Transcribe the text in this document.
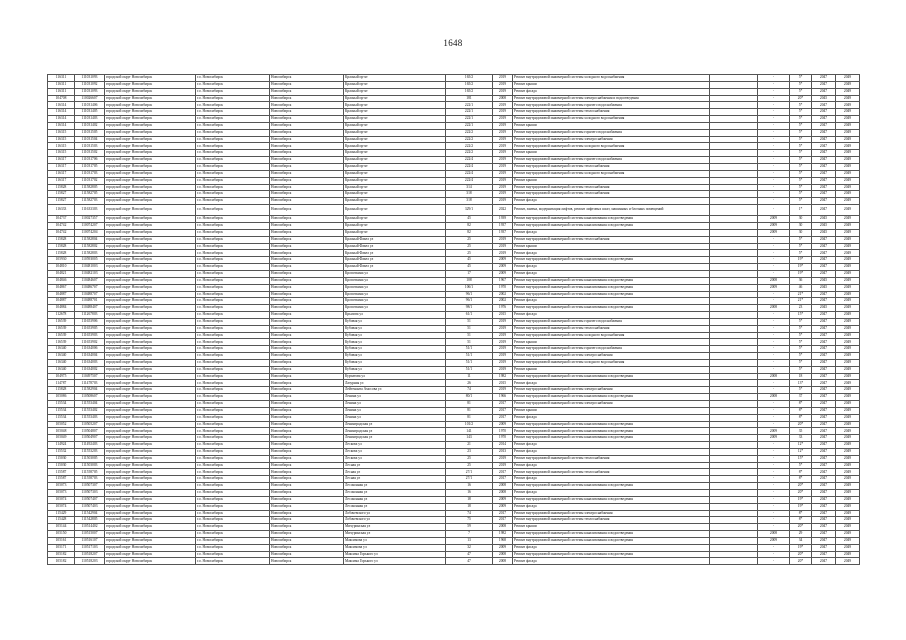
1648
116311	111031093	городской округ Новосибирск	г.о. Новосибирск	Новосибирск	Красный пр-кт	165/2	2019	Ремонт внутридомовой инженерной системы холодного водоснабжения		-	5*	2047	2049
116311	111031092	городской округ Новосибирск	г.о. Новосибирск	Новосибирск	Красный пр-кт	165/2	2019	Ремонт крыши		-	5*	2047	2049
116311	111031093	городской округ Новосибирск	г.о. Новосибирск	Новосибирск	Красный пр-кт	165/2	2019	Ремонт фасада		-	5*	2047	2049
104708	110026607	городской округ Новосибирск	г.о. Новосибирск	Новосибирск	Красный пр-кт	181	2008	Ремонт внутридомовой инженерной системы электроснабжения и водоотведения		-	20*	2045	2049
116314	111031406	городской округ Новосибирск	г.о. Новосибирск	Новосибирск	Красный пр-кт	222/1	2019	Ремонт внутридомовой инженерной системы горячего водоснабжения		-	5*	2047	2049
116314	111031405	городской округ Новосибирск	г.о. Новосибирск	Новосибирск	Красный пр-кт	222/1	2019	Ремонт внутридомовой инженерной системы теплоснабжения		-	5*	2047	2049
116314	111031403	городской округ Новосибирск	г.о. Новосибирск	Новосибирск	Красный пр-кт	222/1	2019	Ремонт внутридомовой инженерной системы холодного водоснабжения		-	5*	2047	2049
116314	111031402	городской округ Новосибирск	г.о. Новосибирск	Новосибирск	Красный пр-кт	222/1	2019	Ремонт крыши		-	5*	2047	2049
116315	111031505	городской округ Новосибирск	г.о. Новосибирск	Новосибирск	Красный пр-кт	222/2	2019	Ремонт внутридомовой инженерной системы горячего водоснабжения		-	5*	2047	2049
116315	111031504	городской округ Новосибирск	г.о. Новосибирск	Новосибирск	Красный пр-кт	222/2	2019	Ремонт внутридомовой инженерной системы электроснабжения		-	5*	2047	2049
116315	111031503	городской округ Новосибирск	г.о. Новосибирск	Новосибирск	Красный пр-кт	222/2	2019	Ремонт внутридомовой инженерной системы холодного водоснабжения		-	5*	2047	2049
116315	111031502	городской округ Новосибирск	г.о. Новосибирск	Новосибирск	Красный пр-кт	222/2	2019	Ремонт крыши		-	5*	2047	2049
116317	111031706	городской округ Новосибирск	г.о. Новосибирск	Новосибирск	Красный пр-кт	222/4	2019	Ремонт внутридомовой инженерной системы горячего водоснабжения		-	5*	2047	2049
116317	111031705	городской округ Новосибирск	г.о. Новосибирск	Новосибирск	Красный пр-кт	222/4	2019	Ремонт внутридомовой инженерной системы теплоснабжения		-	5*	2047	2049
116317	111031703	городской округ Новосибирск	г.о. Новосибирск	Новосибирск	Красный пр-кт	222/4	2019	Ремонт внутридомовой инженерной системы холодного водоснабжения		-	5*	2047	2049
116317	111031702	городской округ Новосибирск	г.о. Новосибирск	Новосибирск	Красный пр-кт	222/4	2019	Ремонт крыши		-	5*	2047	2049
115828	111582805	городской округ Новосибирск	г.о. Новосибирск	Новосибирск	Красный пр-кт	314	2019	Ремонт внутридомовой инженерной системы теплоснабжения		-	5*	2047	2049
115827	111582705	городской округ Новосибирск	г.о. Новосибирск	Новосибирск	Красный пр-кт	318	2019	Ремонт внутридомовой инженерной системы теплоснабжения		-	5*	2047	2049
115827	111582703	городской округ Новосибирск	г.о. Новосибирск	Новосибирск	Красный пр-кт	318	2019	Ремонт фасада		-	5*	2047	2049
116333	111633303	городской округ Новосибирск	г.о. Новосибирск	Новосибирск	Красный пр-кт	329/1	2022	Ремонт, замена, модернизация лифтов, ремонт лифтовых шахт, машинных и блочных помещений		-	1*	2047	2049
104737	110027357	городской округ Новосибирск	г.о. Новосибирск	Новосибирск	Красный пр-кт	45	1939	Ремонт внутридомовой инженерной системы канализования и водоотведения		2009	30	2045	2049
104742	110074207	городской округ Новосибирск	г.о. Новосибирск	Новосибирск	Красный пр-кт	82	1937	Ремонт внутридомовой инженерной системы канализования и водоотведения		2009	30	2045	2049
104742	110074204	городской округ Новосибирск	г.о. Новосибирск	Новосибирск	Красный пр-кт	82	1937	Ремонт фасада		2009	30	2045	2049
115828	111582804	городской округ Новосибирск	г.о. Новосибирск	Новосибирск	Красный Факел ул	25	2019	Ремонт внутридомовой инженерной системы теплоснабжения		-	5*	2047	2049
115828	111582802	городской округ Новосибирск	г.о. Новосибирск	Новосибирск	Красный Факел ул	25	2019	Ремонт крыши		-	5*	2047	2049
115828	111582803	городской округ Новосибирск	г.о. Новосибирск	Новосибирск	Красный Факел ул	25	2019	Ремонт фасада		-	5*	2047	2049
105930	110593005	городской округ Новосибирск	г.о. Новосибирск	Новосибирск	Красный Факел ул	45	2009	Ремонт внутридомовой инженерной системы канализования и водоотведения		-	19*	2047	2049
104810	110481003	городской округ Новосибирск	г.о. Новосибирск	Новосибирск	Красный Факел ул	45	2009	Ремонт фасада		-	19*	2047	2049
104821	110482103	городской округ Новосибирск	г.о. Новосибирск	Новосибирск	Кропоткина ул	17	2009	Ремонт фасада		-	19*	2047	2049
104846	110484607	городской округ Новосибирск	г.о. Новосибирск	Новосибирск	Кропоткина ул	108	1967	Ремонт внутридомовой инженерной системы канализования и водоотведения		2008	36	2045	2049
104867	110486707	городской округ Новосибирск	г.о. Новосибирск	Новосибирск	Кропоткина ул	106/1	1970	Ремонт внутридомовой инженерной системы канализования и водоотведения		2009	46	2045	2049
104887	110488707	городской округ Новосибирск	г.о. Новосибирск	Новосибирск	Кропоткина ул	96/1	2002	Ремонт внутридомовой инженерной системы канализования и водоотведения		-	21*	2047	2049
104887	110488701	городской округ Новосибирск	г.о. Новосибирск	Новосибирск	Кропоткина ул	96/1	2002	Ремонт фасада		-	21*	2047	2049
104884	110488407	городской округ Новосибирск	г.о. Новосибирск	Новосибирск	Кропоткина ул	98/1	1976	Ремонт внутридомовой инженерной системы канализования и водоотведения		2008	23	2045	2049
112678	111267803	городской округ Новосибирск	г.о. Новосибирск	Новосибирск	Крылова ул	61/1	2015	Ремонт фасада		-	15*	2047	2049
116539	111653906	городской округ Новосибирск	г.о. Новосибирск	Новосибирск	Кубовая ул	51	2019	Ремонт внутридомовой инженерной системы горячего водоснабжения		-	5*	2047	2049
116539	111653905	городской округ Новосибирск	г.о. Новосибирск	Новосибирск	Кубовая ул	51	2019	Ремонт внутридомовой инженерной системы теплоснабжения		-	5*	2047	2049
116539	111653903	городской округ Новосибирск	г.о. Новосибирск	Новосибирск	Кубовая ул	51	2019	Ремонт внутридомовой инженерной системы холодного водоснабжения		-	5*	2047	2049
116539	111653902	городской округ Новосибирск	г.о. Новосибирск	Новосибирск	Кубовая ул	51	2019	Ремонт крыши		-	5*	2047	2049
116340	111634006	городской округ Новосибирск	г.о. Новосибирск	Новосибирск	Кубовая ул	51/1	2019	Ремонт внутридомовой инженерной системы горячего водоснабжения		-	5*	2047	2049
116340	111634004	городской округ Новосибирск	г.о. Новосибирск	Новосибирск	Кубовая ул	51/1	2019	Ремонт внутридомовой инженерной системы электроснабжения		-	5*	2047	2049
116340	111634003	городской округ Новосибирск	г.о. Новосибирск	Новосибирск	Кубовая ул	51/1	2019	Ремонт внутридомовой инженерной системы холодного водоснабжения		-	5*	2047	2049
116340	111634002	городской округ Новосибирск	г.о. Новосибирск	Новосибирск	Кубовая ул	51/1	2019	Ремонт крыши		-	5*	2047	2049
104975	110497507	городской округ Новосибирск	г.о. Новосибирск	Новосибирск	Курчатова ул	11	1982	Ремонт внутридомовой инженерной системы канализования и водоотведения		2008	18	2047	2049
114787	111478703	городской округ Новосибирск	г.о. Новосибирск	Новосибирск	Лазурная ул	26	2015	Ремонт фасада		-	13*	2047	2049
115828	111582904	городской округ Новосибирск	г.о. Новосибирск	Новосибирск	Лейтенанта Амосова ул	74	2019	Ремонт внутридомовой инженерной системы электроснабжения		-	5*	2047	2049
105086	110508607	городской округ Новосибирск	г.о. Новосибирск	Новосибирск	Ленина ул	80/1	1966	Ремонт внутридомовой инженерной системы канализования и водоотведения		2008	37	2047	2049
115534	111553404	городской округ Новосибирск	г.о. Новосибирск	Новосибирск	Ленина ул	81	2017	Ремонт внутридомовой инженерной системы электроснабжения		-	8*	2047	2049
115534	111553402	городской округ Новосибирск	г.о. Новосибирск	Новосибирск	Ленина ул	81	2017	Ремонт крыши		-	8*	2047	2049
115534	111553403	городской округ Новосибирск	г.о. Новосибирск	Новосибирск	Ленина ул	81	2017	Ремонт фасада		-	8*	2047	2049
105052	110505207	городской округ Новосибирск	г.о. Новосибирск	Новосибирск	Ленинградская ул	101/2	2009	Ремонт внутридомовой инженерной системы канализования и водоотведения		-	20*	2047	2049
105048	110504807	городской округ Новосибирск	г.о. Новосибирск	Новосибирск	Ленинградская ул	141	1970	Ремонт внутридомовой инженерной системы канализования и водоотведения		2009	35	2047	2049
105049	110504907	городской округ Новосибирск	г.о. Новосибирск	Новосибирск	Ленинградская ул	143	1970	Ремонт внутридомовой инженерной системы канализования и водоотведения		2009	33	2047	2049
114924	111492403	городской округ Новосибирск	г.о. Новосибирск	Новосибирск	Лескова ул	21	2014	Ремонт фасада		-	12*	2047	2049
115532	111553203	городской округ Новосибирск	г.о. Новосибирск	Новосибирск	Лескова ул	23	2013	Ремонт фасада		-	12*	2047	2049
115030	111503005	городской округ Новосибирск	г.о. Новосибирск	Новосибирск	Лескова ул	25	2019	Ремонт внутридомовой инженерной системы теплоснабжения		-	15*	2047	2049
115030	111503003	городской округ Новосибирск	г.о. Новосибирск	Новосибирск	Лесная ул	25	2019	Ремонт фасада		-	5*	2047	2049
115587	111558705	городской округ Новосибирск	г.о. Новосибирск	Новосибирск	Лесная ул	27/1	2017	Ремонт внутридомовой инженерной системы теплоснабжения		-	8*	2047	2049
115587	111558703	городской округ Новосибирск	г.о. Новосибирск	Новосибирск	Лесная ул	27/1	2017	Ремонт фасада		-	8*	2047	2049
105073	110507307	городской округ Новосибирск	г.о. Новосибирск	Новосибирск	Лесоконная ул	16	2008	Ремонт внутридомовой инженерной системы канализования и водоотведения		-	20*	2047	2049
105073	110507303	городской округ Новосибирск	г.о. Новосибирск	Новосибирск	Лесоконная ул	16	2008	Ремонт фасада		-	20*	2047	2049
105074	110507407	городской округ Новосибирск	г.о. Новосибирск	Новосибирск	Лесоконная ул	18	2009	Ремонт внутридомовой инженерной системы канализования и водоотведения		-	19*	2047	2049
105074	110507403	городской округ Новосибирск	г.о. Новосибирск	Новосибирск	Лесоконная ул	18	2009	Ремонт фасада		-	19*	2047	2049
115429	111542904	городской округ Новосибирск	г.о. Новосибирск	Новосибирск	Лобачевского ул	74	2017	Ремонт внутридомовой инженерной системы электроснабжения		-	8*	2047	2049
115428	111542805	городской округ Новосибирск	г.о. Новосибирск	Новосибирск	Лобачевского ул	75	2017	Ремонт внутридомовой инженерной системы теплоснабжения		-	8*	2047	2049
105144	110514402	городской округ Новосибирск	г.о. Новосибирск	Новосибирск	Мичуринская ул	59	2008	Ремонт крыши		-	20*	2047	2049
105150	110515007	городской округ Новосибирск	г.о. Новосибирск	Новосибирск	Мичуринская ул	7	1982	Ремонт внутридомовой инженерной системы канализования и водоотведения		2008	29	2047	2049
105161	110516107	городской округ Новосибирск	г.о. Новосибирск	Новосибирск	Максимова ул	13	1968	Ремонт внутридомовой инженерной системы канализования и водоотведения		2009	34	2047	2049
105171	110517103	городской округ Новосибирск	г.о. Новосибирск	Новосибирск	Максимова ул	32	2009	Ремонт фасада		-	19*	2047	2049
105182	110518207	городской округ Новосибирск	г.о. Новосибирск	Новосибирск	Максима Горького ул	47	2008	Ремонт внутридомовой инженерной системы канализования и водоотведения		-	20*	2047	2049
105182	110518203	городской округ Новосибирск	г.о. Новосибирск	Новосибирск	Максима Горького ул	47	2008	Ремонт фасада		-	20*	2047	2049
